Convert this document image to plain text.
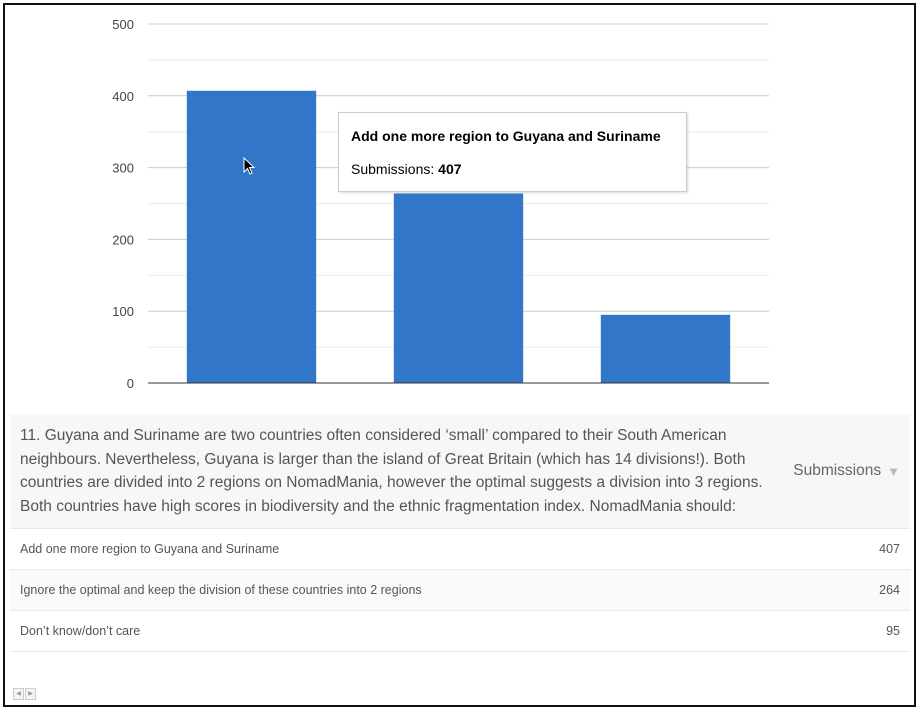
0
100
200
300
400
500
Add one more region to Guyana and Suriname
Submissions: 407
11. Guyana and Suriname are two countries often considered ‘small’ compared to their South American neighbours. Nevertheless, Guyana is larger than the island of Great Britain (which has 14 divisions!). Both countries are divided into 2 regions on NomadMania, however the optimal suggests a division into 3 regions. Both countries have high scores in biodiversity and the ethnic fragmentation index. NomadMania should:
Submissions ▼
Add one more region to Guyana and Suriname	407
Ignore the optimal and keep the division of these countries into 2 regions	264
Don’t know/don’t care	95
◀	▶
